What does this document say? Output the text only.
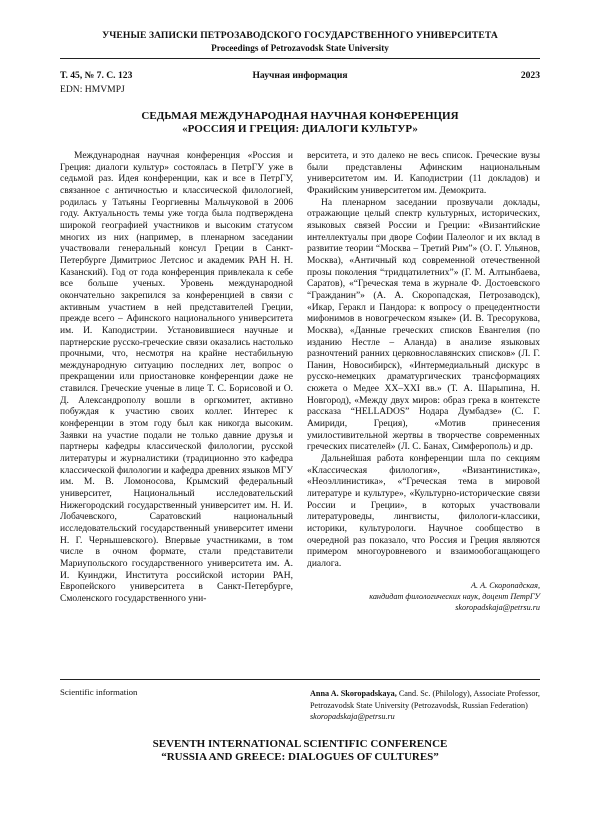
УЧЕНЫЕ ЗАПИСКИ ПЕТРОЗАВОДСКОГО ГОСУДАРСТВЕННОГО УНИВЕРСИТЕТА
Proceedings of Petrozavodsk State University
Т. 45, № 7. С. 123	Научная информация	2023
EDN: HMVMPJ
СЕДЬМАЯ МЕЖДУНАРОДНАЯ НАУЧНАЯ КОНФЕРЕНЦИЯ
«РОССИЯ И ГРЕЦИЯ: ДИАЛОГИ КУЛЬТУР»

Международная научная конференция «Россия и Греция: диалоги культур» состоялась в ПетрГУ уже в седьмой раз. Идея конференции, как и все в ПетрГУ, связанное с античностью и классической филологией, родилась у Татьяны Георгиевны Мальчуковой в 2006 году. Актуальность темы уже тогда была подтверждена широкой географией участников и высоким статусом многих из них (например, в пленарном заседании участвовали генеральный консул Греции в Санкт-Петербурге Димитриос Летсиос и академик РАН Н. Н. Казанский). Год от года конференция привлекала к себе все больше ученых. Уровень международной окончательно закрепился за конференцией в связи с активным участием в ней представителей Греции, прежде всего – Афинского национального университета им. И. Каподистрии. Установившиеся научные и партнерские русско-греческие связи оказались настолько прочными, что, несмотря на крайне нестабильную международную ситуацию последних лет, вопрос о прекращении или приостановке конференции даже не ставился. Греческие ученые в лице Т. С. Борисовой и О. Д. Александрополу вошли в оргкомитет, активно побуждая к участию своих коллег. Интерес к конференции в этом году был как никогда высоким. Заявки на участие подали не только давние друзья и партнеры кафедры классической филологии, русской литературы и журналистики (традиционно это кафедра классической филологии и кафедра древних языков МГУ им. М. В. Ломоносова, Крымский федеральный университет, Национальный исследовательский Нижегородский государственный университет им. Н. И. Лобачевского, Саратовский национальный исследовательский государственный университет имени Н. Г. Чернышевского). Впервые участниками, в том числе в очном формате, стали представители Мариупольского государственного университета им. А. И. Куинджи, Института российской истории РАН, Европейского университета в Санкт-Петербурге, Смоленского государственного уни-

верситета, и это далеко не весь список. Греческие вузы были представлены Афинским национальным университетом им. И. Каподистрии (11 докладов) и Фракийским университетом им. Демокрита.

На пленарном заседании прозвучали доклады, отражающие целый спектр культурных, исторических, языковых связей России и Греции: «Византийские интеллектуалы при дворе Софии Палеолог и их вклад в развитие теории “Москва – Третий Рим”» (О. Г. Ульянов, Москва), «Античный код современной отечественной прозы поколения “тридцатилетних”» (Г. М. Алтынбаева, Саратов), «“Греческая тема в журнале Ф. Достоевского “Гражданин”» (А. А. Скоропадская, Петрозаводск), «Икар, Геракл и Пандора: к вопросу о прецедентности мифонимов в новогреческом языке» (И. В. Тресорукова, Москва), «Данные греческих списков Евангелия (по изданию Нестле – Аланда) в анализе языковых разночтений ранних церковнославянских списков» (Л. Г. Панин, Новосибирск), «Интермедиальный дискурс в русско-немецких драматургических трансформациях сюжета о Медее XX–XXI вв.» (Т. А. Шарыпина, Н. Новгород), «Между двух миров: образ грека в контексте рассказа “HELLADOS” Нодара Думбадзе» (С. Г. Амириди, Греция), «Мотив принесения умилостивительной жертвы в творчестве современных греческих писателей» (Л. С. Банах, Симферополь) и др.

Дальнейшая работа конференции шла по секциям «Классическая филология», «Византинистика», «Неоэллинистика», «“Греческая тема в мировой литературе и культуре», «Культурно-исторические связи России и Греции», в которых участвовали литературоведы, лингвисты, филологи-классики, историки, культурологи. Научное сообщество в очередной раз показало, что Россия и Греция являются примером многоуровневого и взаимообогащающего диалога.

А. А. Скоропадская,
кандидат филологических наук, доцент ПетрГУ
skoropadskaja@petrsu.ru
Scientific information	Anna A. Skoropadskaya, Cand. Sc. (Philology), Associate Professor, Petrozavodsk State University (Petrozavodsk, Russian Federation)
skoropadskaja@petrsu.ru
SEVENTH INTERNATIONAL SCIENTIFIC CONFERENCE
“RUSSIA AND GREECE: DIALOGUES OF CULTURES”
